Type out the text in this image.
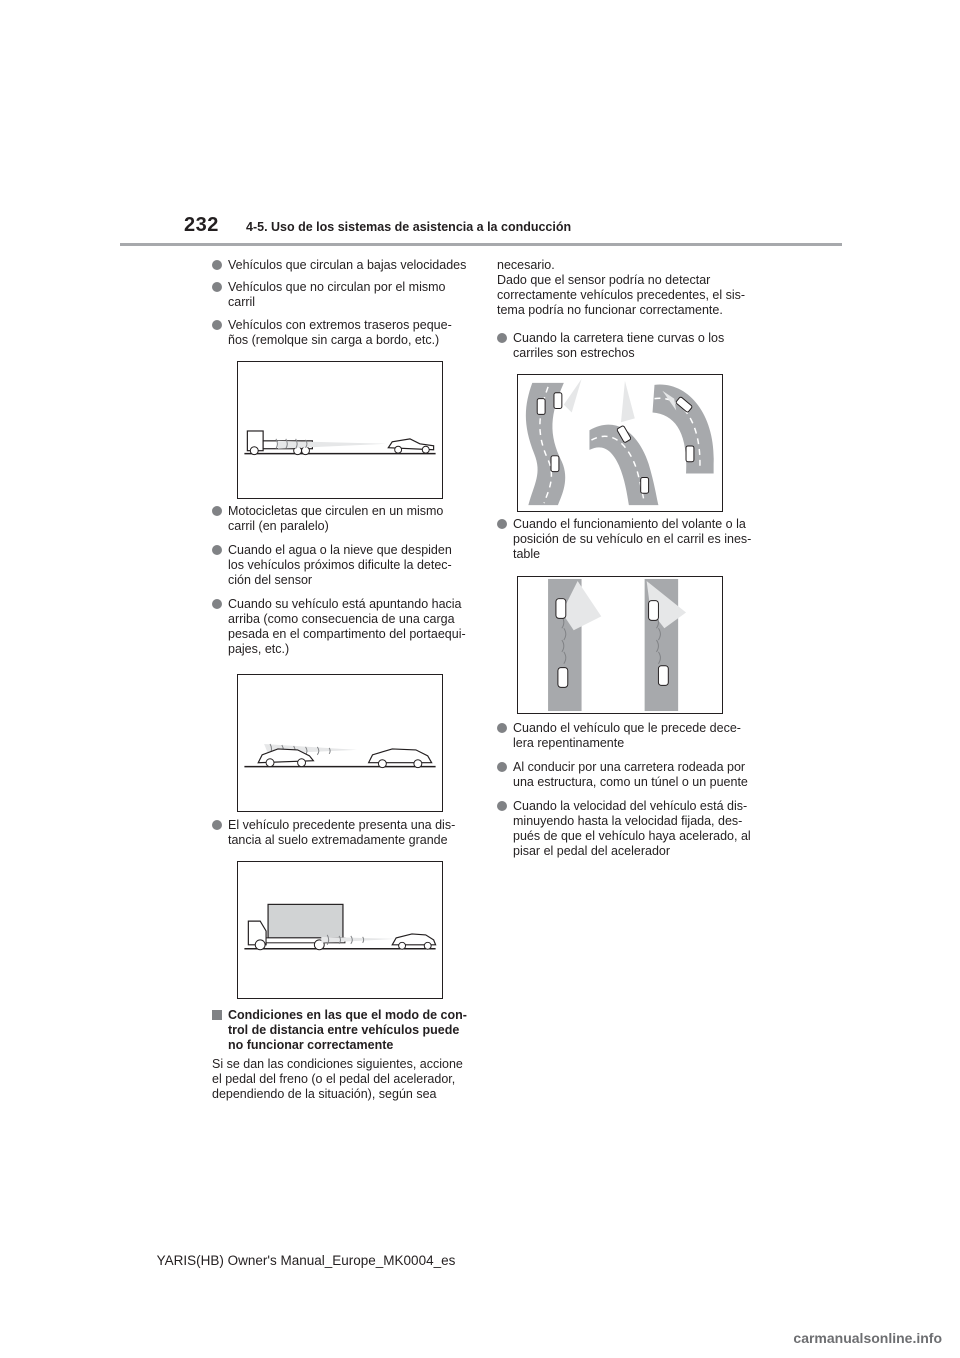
232 4-5. Uso de los sistemas de asistencia a la conducción
Vehículos que circulan a bajas velocidades
Vehículos que no circulan por el mismo
carril
Vehículos con extremos traseros peque-
ños (remolque sin carga a bordo, etc.)
Motocicletas que circulen en un mismo
carril (en paralelo)
Cuando el agua o la nieve que despiden
los vehículos próximos dificulte la detec-
ción del sensor
Cuando su vehículo está apuntando hacia
arriba (como consecuencia de una carga
pesada en el compartimento del portaequi-
pajes, etc.)
El vehículo precedente presenta una dis-
tancia al suelo extremadamente grande
Condiciones en las que el modo de con-
trol de distancia entre vehículos puede
no funcionar correctamente
Si se dan las condiciones siguientes, accione
el pedal del freno (o el pedal del acelerador,
dependiendo de la situación), según sea
necesario.
Dado que el sensor podría no detectar
correctamente vehículos precedentes, el sis-
tema podría no funcionar correctamente.
Cuando la carretera tiene curvas o los
carriles son estrechos
Cuando el funcionamiento del volante o la
posición de su vehículo en el carril es ines-
table
Cuando el vehículo que le precede dece-
lera repentinamente
Al conducir por una carretera rodeada por
una estructura, como un túnel o un puente
Cuando la velocidad del vehículo está dis-
minuyendo hasta la velocidad fijada, des-
pués de que el vehículo haya acelerado, al
pisar el pedal del acelerador
YARIS(HB) Owner's Manual_Europe_MK0004_es
carmanualsonline.info
